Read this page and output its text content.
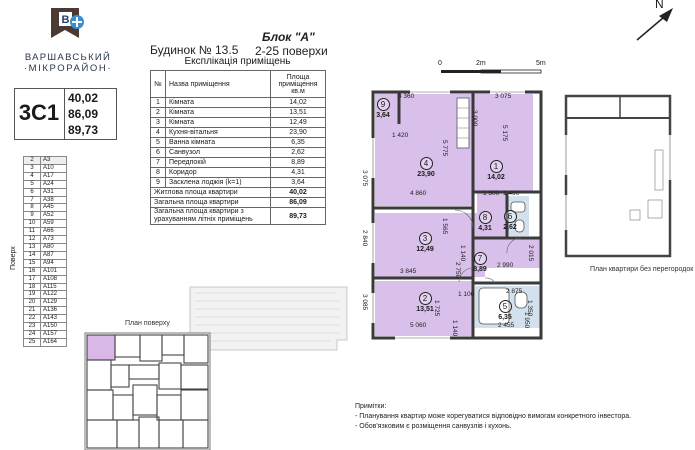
В
ВАРШАВСЬКИЙ
·МІКРОРАЙОН·
Блок "А"
Будинок № 13.5 2-25 поверхи
3С1
40,02
86,09
89,73
Експлікація приміщень
№	Назва приміщення	Площа приміщення кв.м
1	Кімната	14,02
2	Кімната	13,51
3	Кімната	12,49
4	Кухня-вітальня	23,90
5	Ванна кімната	6,35
6	Санвузол	2,62
7	Передпокій	8,89
8	Коридор	4,31
9	Засклена лоджія (k=1)	3,64
Житлова площа квартири		40,02
Загальна площа квартири		86,09
Загальна площа квартири з урахуванням літніх приміщень		89,73
Поверх
2	А3
3	А10
4	А17
5	А24
6	А31
7	А38
8	А45
9	А52
10	А59
11	А66
12	А73
13	А80
14	А87
15	А94
16	А101
17	А108
18	А115
19	А122
20	А129
21	А136
22	А143
23	А150
24	А157
25	А164
План поверху
0	2m	5m
N
1
14,02
2
13,51
3
12,49
4
23,90
5
6,35
6
2,62
7
8,89
8
4,31
9
3,64
3 360	3 075
1 420
3 000
5 775
5 175
3 075
4 860	1 500 1 460
2 840
1 565
1 140
3 845	2 750	2 990
2 015
3 085	1 100
1 725
2 875
1 350
1 950
5 060	2 455
1 140
План квартири без перегородок
Примітки:
- Планування квартир може корегуватися відповідно вимогам конкретного інвестора.
- Обов'язковим є розміщення санвузлів і кухонь.
